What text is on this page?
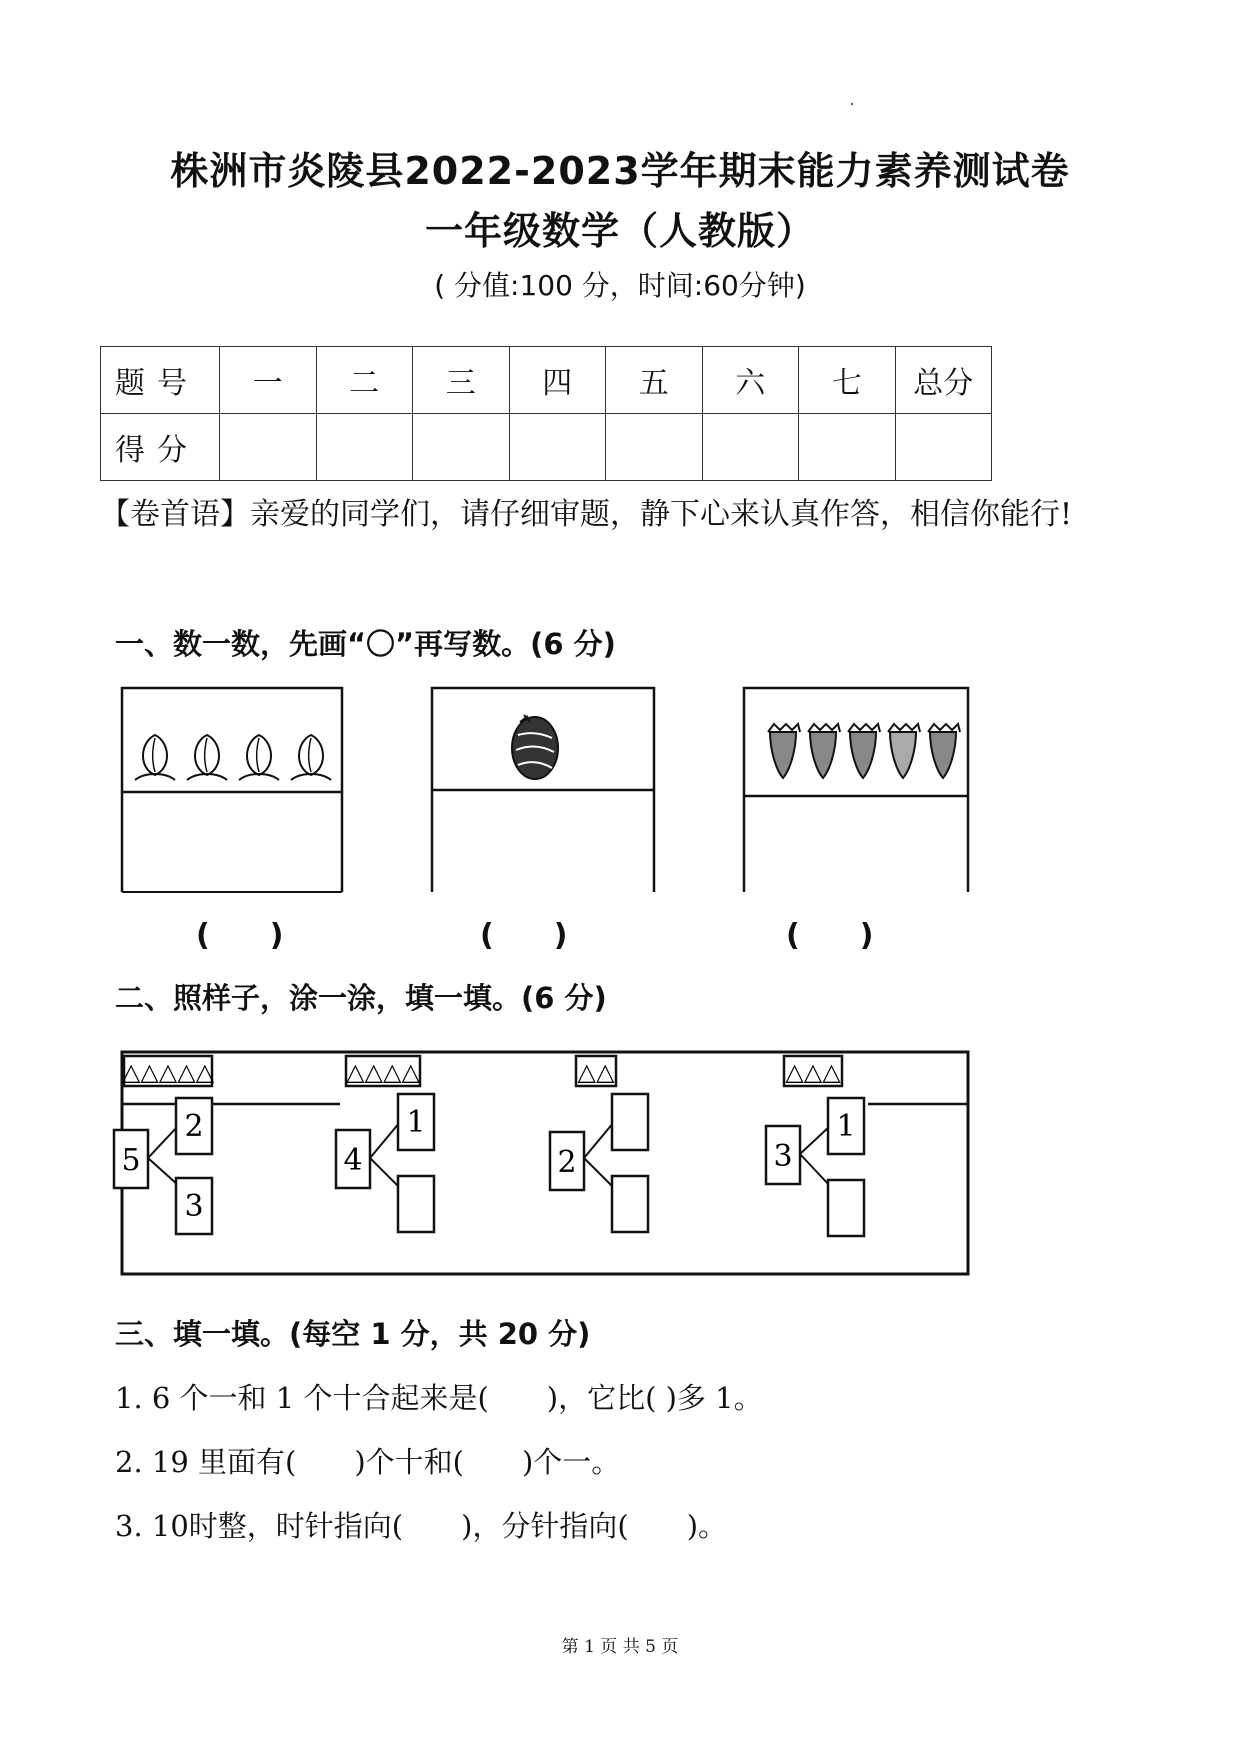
株洲市炎陵县2022-2023学年期末能力素养测试卷
一年级数学（人教版）
( 分值:100 分，时间:60分钟)
题号	一	二	三	四	五	六	七	总分
得分								
【卷首语】亲爱的同学们，请仔细审题，静下心来认真作答，相信你能行!
一、数一数，先画“〇”再写数。(6 分)
(　　)	(　　)	(　　)
二、照样子，涂一涂，填一填。(6 分)
△△△△△	△△△△	△△	△△△
5
2
3
4
1
2	3
1
三、填一填。(每空 1 分，共 20 分)
1. 6 个一和 1 个十合起来是(　　)，它比( )多 1。
2. 19 里面有(　　)个十和(　　)个一。
3. 10时整，时针指向(　　)，分针指向(　　)。
第 1 页 共 5 页
